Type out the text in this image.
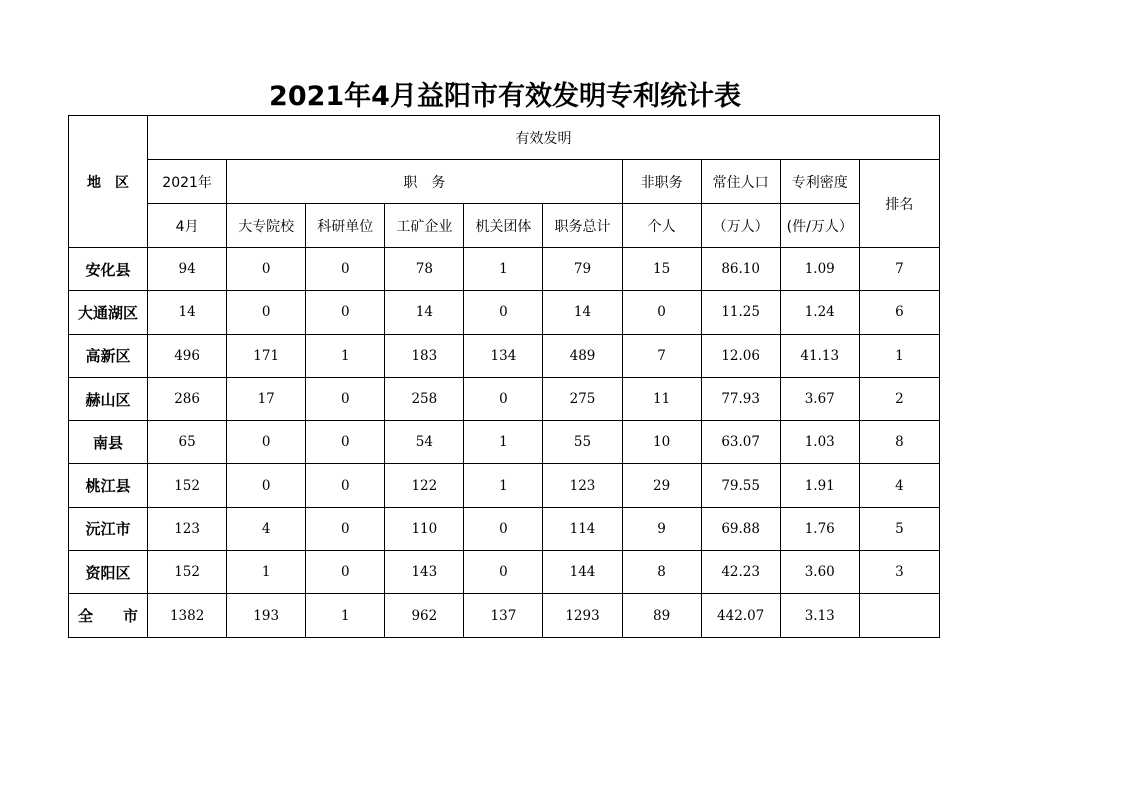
2021年4月益阳市有效发明专利统计表
地　区	有效发明									
	2021年	职　务					非职务	常住人口	专利密度	排名
	4月	大专院校	科研单位	工矿企业	机关团体	职务总计	个人	（万人）	(件/万人）	
安化县	94	0	0	78	1	79	15	86.10	1.09	7
大通湖区	14	0	0	14	0	14	0	11.25	1.24	6
高新区	496	171	1	183	134	489	7	12.06	41.13	1
赫山区	286	17	0	258	0	275	11	77.93	3.67	2
南县	65	0	0	54	1	55	10	63.07	1.03	8
桃江县	152	0	0	122	1	123	29	79.55	1.91	4
沅江市	123	4	0	110	0	114	9	69.88	1.76	5
资阳区	152	1	0	143	0	144	8	42.23	3.60	3
全　　市	1382	193	1	962	137	1293	89	442.07	3.13	
